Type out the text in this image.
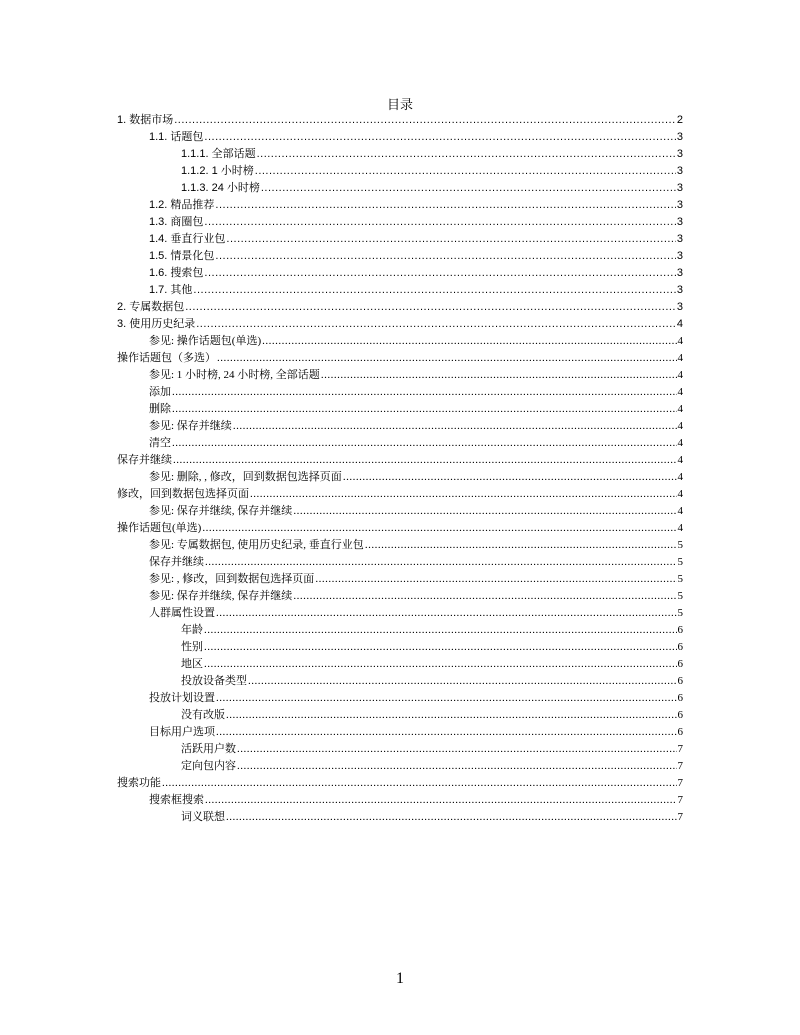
目录
1. 数据市场 .....	2
1.1. 话题包 .....	3
1.1.1. 全部话题 .....	3
1.1.2. 1 小时榜 .....	3
1.1.3. 24 小时榜 .....	3
1.2. 精品推荐 .....	3
1.3. 商圈包 .....	3
1.4. 垂直行业包 .....	3
1.5. 情景化包 .....	3
1.6. 搜索包 .....	3
1.7. 其他 .....	3
2. 专属数据包 .....	3
3. 使用历史纪录 .....	4
参见: 操作话题包(单选) .....	4
操作话题包（多选） .....	4
参见: 1 小时榜, 24 小时榜, 全部话题 .....	4
添加 .....	4
删除 .....	4
参见: 保存并继续 .....	4
清空 .....	4
保存并继续 .....	4
参见: 删除, , 修改，回到数据包选择页面 .....	4
修改，回到数据包选择页面 .....	4
参见: 保存并继续, 保存并继续 .....	4
操作话题包(单选) .....	4
参见: 专属数据包, 使用历史纪录, 垂直行业包 .....	5
保存并继续 .....	5
参见: , 修改，回到数据包选择页面 .....	5
参见: 保存并继续, 保存并继续 .....	5
人群属性设置 .....	5
年龄 .....	6
性别 .....	6
地区 .....	6
投放设备类型 .....	6
投放计划设置 .....	6
没有改版 .....	6
目标用户选项 .....	6
活跃用户数 .....	7
定向包内容 .....	7
搜索功能 .....	7
搜索框搜索 .....	7
词义联想 .....	7
1
